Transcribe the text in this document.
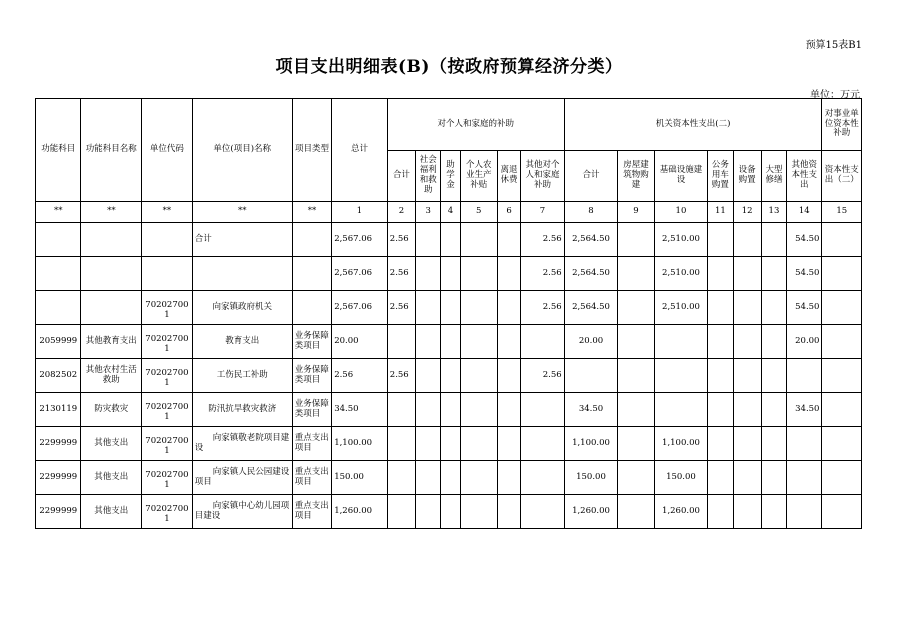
预算15表B1
项目支出明细表(B)（按政府预算经济分类）
单位：万元
功能科目	功能科目名称	单位代码	单位(项目)名称	项目类型	总计	对个人和家庭的补助						机关资本性支出(二)							对事业单位资本性补助
						合计	社会福利和救助	助学金	个人农业生产补贴	离退休费	其他对个人和家庭补助	合计	房屋建筑物购建	基础设施建设	公务用车购置	设备购置	大型修缮	其他资本性支出	资本性支出（二）
**	**	**	**	**	1	2	3	4	5	6	7	8	9	10	11	12	13	14	15
			合计		2,567.06	2.56					2.56	2,564.50		2,510.00				54.50	
					2,567.06	2.56					2.56	2,564.50		2,510.00				54.50	
		702027001	向家镇政府机关		2,567.06	2.56					2.56	2,564.50		2,510.00				54.50	
2059999	其他教育支出	702027001	教育支出	业务保障类项目	20.00							20.00						20.00	
2082502	其他农村生活救助	702027001	工伤民工补助	业务保障类项目	2.56	2.56					2.56								
2130119	防灾救灾	702027001	防汛抗旱救灾救济	业务保障类项目	34.50							34.50						34.50	
2299999	其他支出	702027001	向家镇敬老院项目建设	重点支出项目	1,100.00							1,100.00		1,100.00					
2299999	其他支出	702027001	向家镇人民公园建设项目	重点支出项目	150.00							150.00		150.00					
2299999	其他支出	702027001	向家镇中心幼儿园项目建设	重点支出项目	1,260.00							1,260.00		1,260.00					
